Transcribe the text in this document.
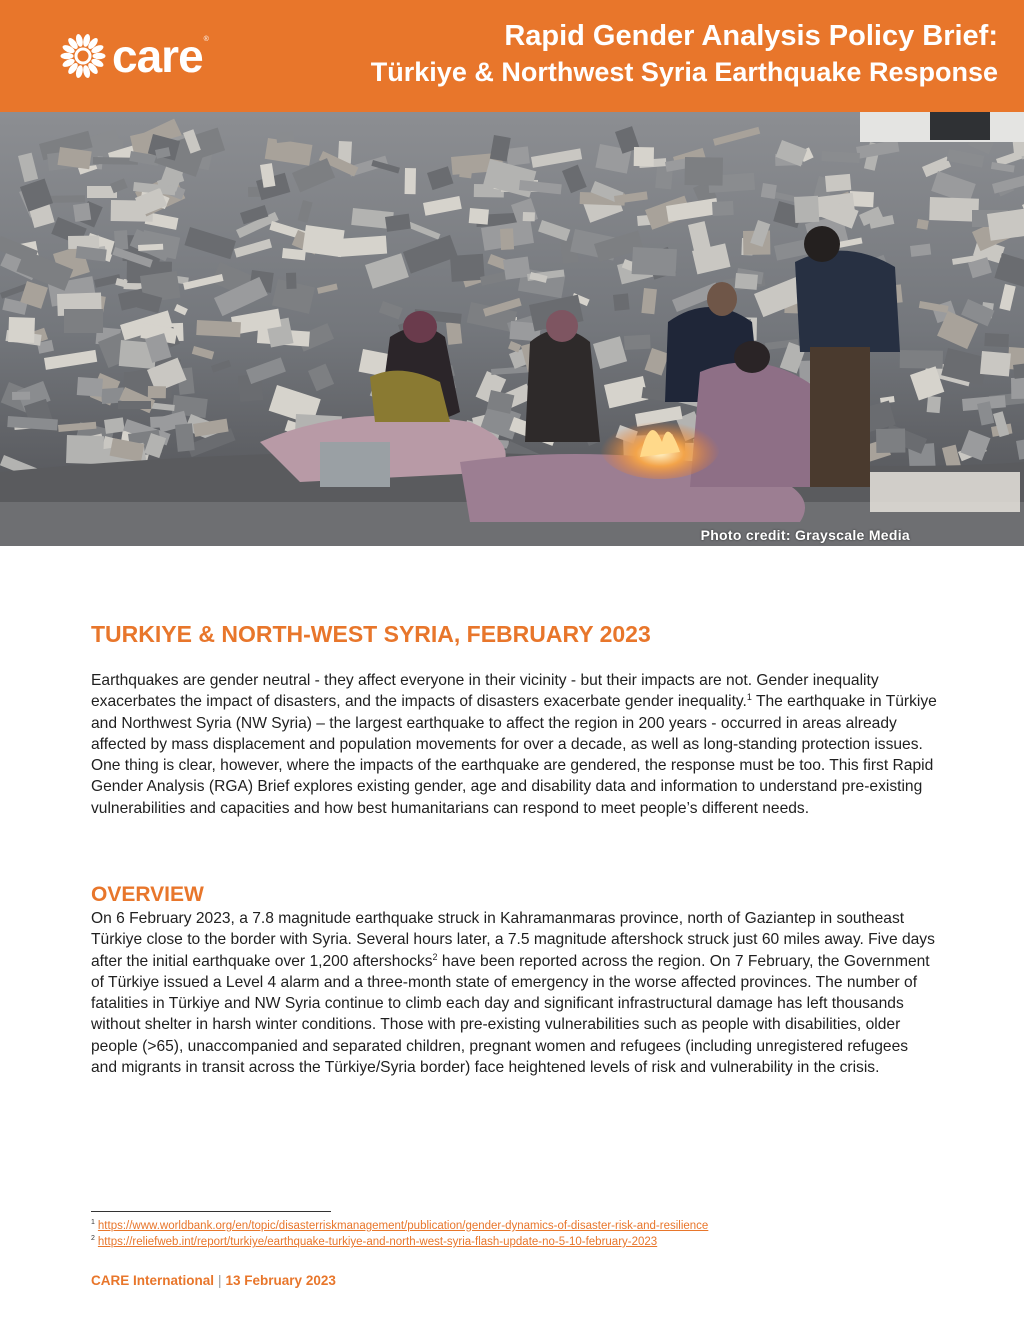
care ®	Rapid Gender Analysis Policy Brief:
Türkiye & Northwest Syria Earthquake Response
Photo credit: Grayscale Media
TURKIYE & NORTH-WEST SYRIA, FEBRUARY 2023

Earthquakes are gender neutral - they affect everyone in their vicinity - but their impacts are not. Gender inequality exacerbates the impact of disasters, and the impacts of disasters exacerbate gender inequality.$^1$ The earthquake in Türkiye and Northwest Syria (NW Syria) – the largest earthquake to affect the region in 200 years - occurred in areas already affected by mass displacement and population movements for over a decade, as well as long-standing protection issues. One thing is clear, however, where the impacts of the earthquake are gendered, the response must be too. This first Rapid Gender Analysis (RGA) Brief explores existing gender, age and disability data and information to understand pre-existing vulnerabilities and capacities and how best humanitarians can respond to meet people’s different needs.

OVERVIEW

On 6 February 2023, a 7.8 magnitude earthquake struck in Kahramanmaras province, north of Gaziantep in southeast Türkiye close to the border with Syria. Several hours later, a 7.5 magnitude aftershock struck just 60 miles away. Five days after the initial earthquake over 1,200 aftershocks$^2$ have been reported across the region. On 7 February, the Government of Türkiye issued a Level 4 alarm and a three-month state of emergency in the worse affected provinces. The number of fatalities in Türkiye and NW Syria continue to climb each day and significant infrastructural damage has left thousands without shelter in harsh winter conditions. Those with pre-existing vulnerabilities such as people with disabilities, older people (>65), unaccompanied and separated children, pregnant women and refugees (including unregistered refugees and migrants in transit across the Türkiye/Syria border) face heightened levels of risk and vulnerability in the crisis.

$^1$ https://www.worldbank.org/en/topic/disasterriskmanagement/publication/gender-dynamics-of-disaster-risk-and-resilience
$^2$ https://reliefweb.int/report/turkiye/earthquake-turkiye-and-north-west-syria-flash-update-no-5-10-february-2023
CARE International | 13 February 2023
